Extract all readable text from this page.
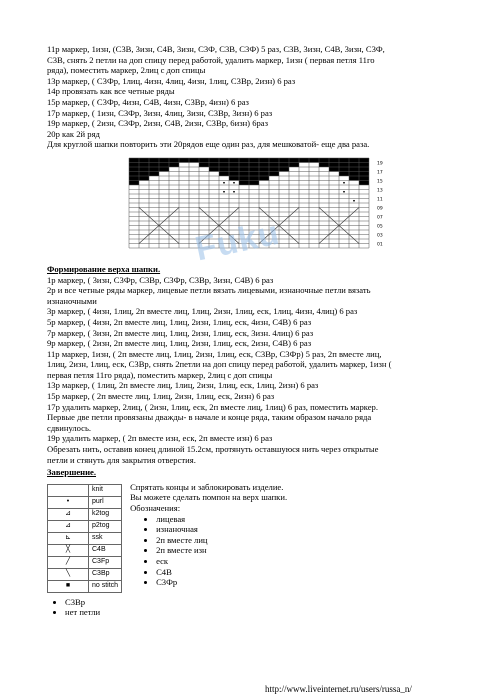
11р маркер, 1изн, (С3В, 3изн, С4В, 3изн, С3Ф, С3В, С3Ф) 5 раз, С3В, 3изн, С4В, 3изн, С3Ф,

С3В, снять 2 петли на доп спицу перед работой, удалить маркер, 1изн ( первая петля 11го

ряда), поместить маркер, 2лиц с доп спицы

13р маркер, ( С3Фр, 1лиц, 4изн, 4лиц, 4изн, 1лиц, С3Вр, 2изн) 6 раз

14р провязать как все четные ряды

15р маркер, ( С3Фр, 4изн, С4В, 4изн, С3Вр, 4изн) 6 раз

17р маркер, ( 1изн, С3Фр, 3изн, 4лиц, 3изн, С3Вр, 3изн) 6 раз

19р маркер, ( 2изн, С3Фр, 2изн, С4В, 2изн, С3Вр, 6изн) 6раз

20р как 2й ряд

Для круглой шапки повторить эти 20рядов еще один раз, для мешковатой- еще два раза.

19
17
15
13
11
09
07
05
03
01

Формирование верха шапки.

1р маркер, ( 3изн, С3Фр, С3Вр, С3Фр, С3Вр, 3изн, С4В) 6 раз

2р и все четные ряды маркер, лицевые петли вязать лицевыми, изнаночные петли вязать

изнаночными

3р маркер, ( 4изн, 1лиц, 2п вместе лиц, 1лиц, 2изн, 1лиц, еск, 1лиц, 4изн, 4лиц) 6 раз

5р маркер, ( 4изн, 2п вместе лиц, 1лиц, 2изн, 1лиц, еск, 4изн, С4В) 6 раз

7р маркер, ( 3изн, 2п вместе лиц, 1лиц, 2изн, 1лиц, еск, 3изн. 4лиц) 6 раз

9р маркер, ( 2изн, 2п вместе лиц, 1лиц, 2изн, 1лиц, еск, 2изн, С4В) 6 раз

11р маркер, 1изн, ( 2п вместе лиц, 1лиц, 2изн, 1лиц, еск, С3Вр, С3Фр) 5 раз, 2п вместе лиц,

1лиц, 2изн, 1лиц, еск, С3Вр, снять 2петли на доп спицу перед работой, удалить маркер, 1изн (

первая петля 11го ряда), поместить маркер, 2лиц с доп спицы

13р маркер, ( 1лиц, 2п вместе лиц, 1лиц, 2изн, 1лиц, еск, 1лиц, 2изн) 6 раз

15р маркер, ( 2п вместе лиц, 1лиц, 2изн, 1лиц, еск, 2изн) 6 раз

17р удалить маркер, 2лиц, ( 2изн, 1лиц, еск, 2п вместе лиц, 1лиц) 6 раз, поместить маркер.

Первые две петли провязаны дважды- в начале и конце ряда, таким образом начало ряда

сдвинулось.

19р удалить маркер, ( 2п вместе изн, еск, 2п вместе изн) 6 раз

Обрезать нить, оставив конец длиной 15.2см, протянуть оставшуюся нить через открытые

петли и стянуть для закрытия отверстия.

Завершение.

	knit
•	purl
⊿	k2tog
⊿	p2tog
⊾	ssk
╳	C4B
╱	C3Fp
╲	C3Bp
■	no stitch

Спрятать концы и заблокировать изделие.

Вы можете сделать помпон на верх шапки.

Обозначения:

• лицевая
• изнаночная
• 2п вместе лиц
• 2п вместе изн
• еск
• С4В
• С3Фр
• С3Вр
• нет петли
Fuku
http://www.liveinternet.ru/users/russa_n/
